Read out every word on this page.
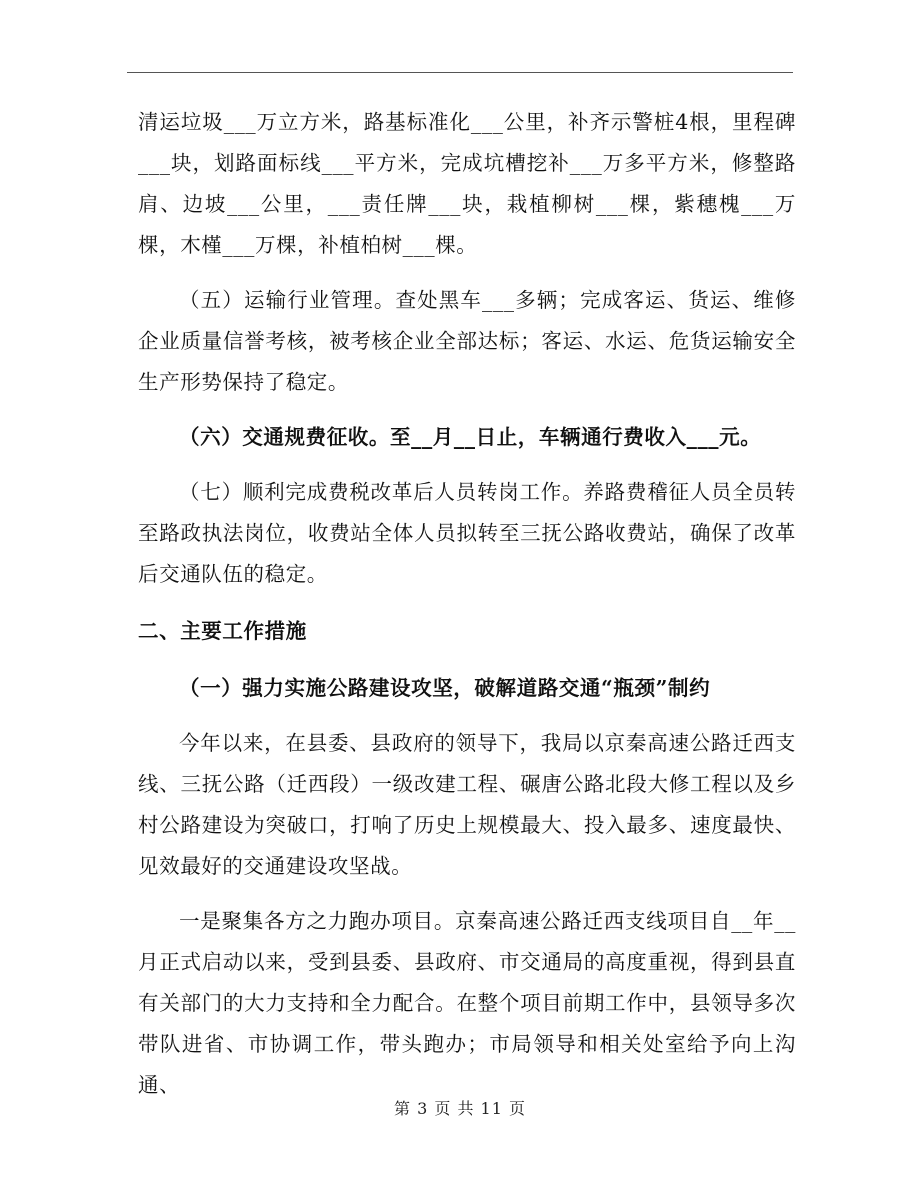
清运垃圾___万立方米，路基标准化___公里，补齐示警桩4根，里程碑___块，划路面标线___平方米，完成坑槽挖补___万多平方米，修整路肩、边坡___公里，___责任牌___块，栽植柳树___棵，紫穗槐___万棵，木槿___万棵，补植柏树___棵。

（五）运输行业管理。查处黑车___多辆；完成客运、货运、维修企业质量信誉考核，被考核企业全部达标；客运、水运、危货运输安全生产形势保持了稳定。

（六）交通规费征收。至__月__日止，车辆通行费收入___元。

（七）顺利完成费税改革后人员转岗工作。养路费稽征人员全员转至路政执法岗位，收费站全体人员拟转至三抚公路收费站，确保了改革后交通队伍的稳定。

二、主要工作措施

（一）强力实施公路建设攻坚，破解道路交通“瓶颈”制约

今年以来，在县委、县政府的领导下，我局以京秦高速公路迁西支线、三抚公路（迁西段）一级改建工程、碾唐公路北段大修工程以及乡村公路建设为突破口，打响了历史上规模最大、投入最多、速度最快、见效最好的交通建设攻坚战。

一是聚集各方之力跑办项目。京秦高速公路迁西支线项目自__年__月正式启动以来，受到县委、县政府、市交通局的高度重视，得到县直有关部门的大力支持和全力配合。在整个项目前期工作中，县领导多次带队进省、市协调工作，带头跑办；市局领导和相关处室给予向上沟通、

第 3 页 共 11 页
